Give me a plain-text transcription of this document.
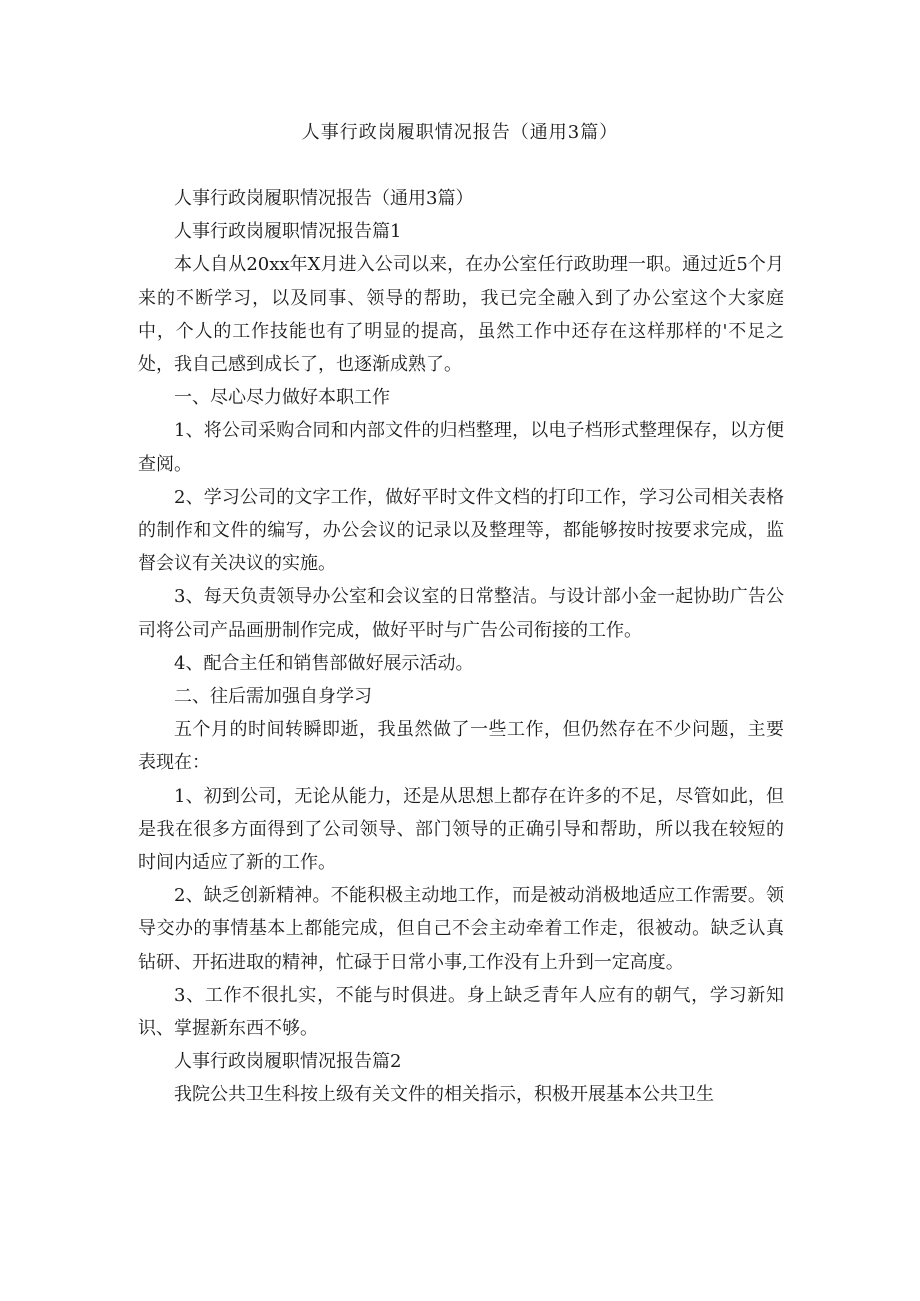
人事行政岗履职情况报告（通用3篇）

人事行政岗履职情况报告（通用3篇）

人事行政岗履职情况报告篇1

本人自从20xx年X月进入公司以来，在办公室任行政助理一职。通过近5个月来的不断学习，以及同事、领导的帮助，我已完全融入到了办公室这个大家庭中，个人的工作技能也有了明显的提高，虽然工作中还存在这样那样的'不足之处，我自己感到成长了，也逐渐成熟了。

一、尽心尽力做好本职工作

1、将公司采购合同和内部文件的归档整理，以电子档形式整理保存，以方便查阅。

2、学习公司的文字工作，做好平时文件文档的打印工作，学习公司相关表格的制作和文件的编写，办公会议的记录以及整理等，都能够按时按要求完成，监督会议有关决议的实施。

3、每天负责领导办公室和会议室的日常整洁。与设计部小金一起协助广告公司将公司产品画册制作完成，做好平时与广告公司衔接的工作。

4、配合主任和销售部做好展示活动。

二、往后需加强自身学习

五个月的时间转瞬即逝，我虽然做了一些工作，但仍然存在不少问题，主要表现在：

1、初到公司，无论从能力，还是从思想上都存在许多的不足，尽管如此，但是我在很多方面得到了公司领导、部门领导的正确引导和帮助，所以我在较短的时间内适应了新的工作。

2、缺乏创新精神。不能积极主动地工作，而是被动消极地适应工作需要。领导交办的事情基本上都能完成，但自己不会主动牵着工作走，很被动。缺乏认真钻研、开拓进取的精神，忙碌于日常小事,工作没有上升到一定高度。

3、工作不很扎实，不能与时俱进。身上缺乏青年人应有的朝气，学习新知识、掌握新东西不够。

人事行政岗履职情况报告篇2

我院公共卫生科按上级有关文件的相关指示，积极开展基本公共卫生
